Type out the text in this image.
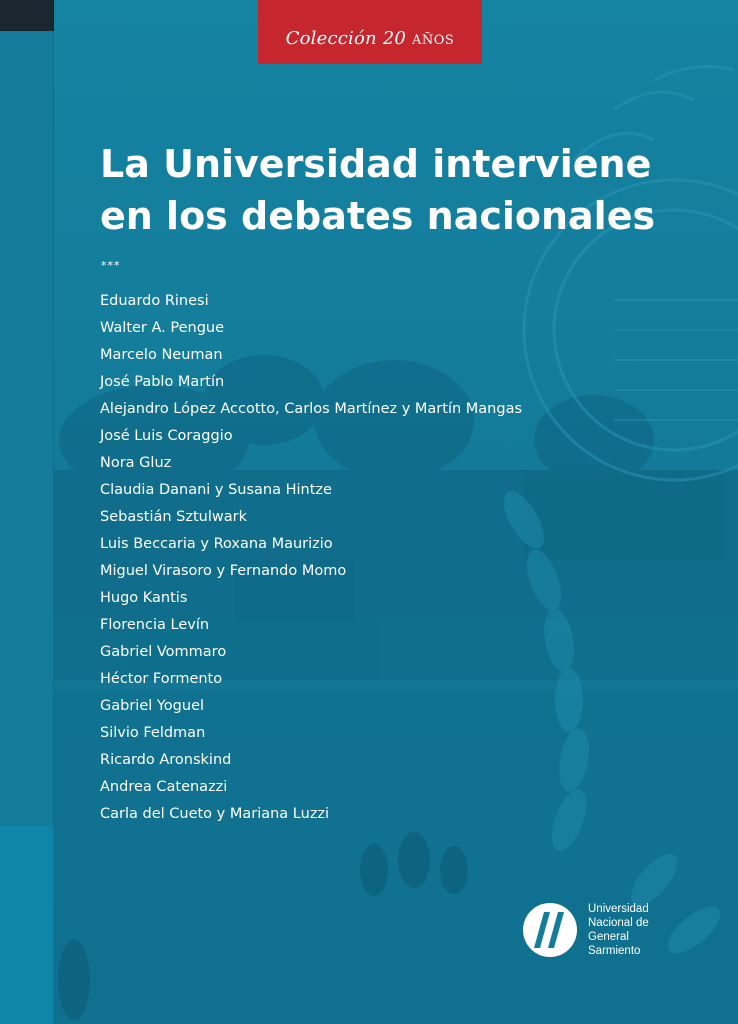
Colección 20 AÑOS
La Universidad interviene
en los debates nacionales
***
Eduardo Rinesi
Walter A. Pengue
Marcelo Neuman
José Pablo Martín
Alejandro López Accotto, Carlos Martínez y Martín Mangas
José Luis Coraggio
Nora Gluz
Claudia Danani y Susana Hintze
Sebastián Sztulwark
Luis Beccaria y Roxana Maurizio
Miguel Virasoro y Fernando Momo
Hugo Kantis
Florencia Levín
Gabriel Vommaro
Héctor Formento
Gabriel Yoguel
Silvio Feldman
Ricardo Aronskind
Andrea Catenazzi
Carla del Cueto y Mariana Luzzi
Universidad
Nacional de
General
Sarmiento
